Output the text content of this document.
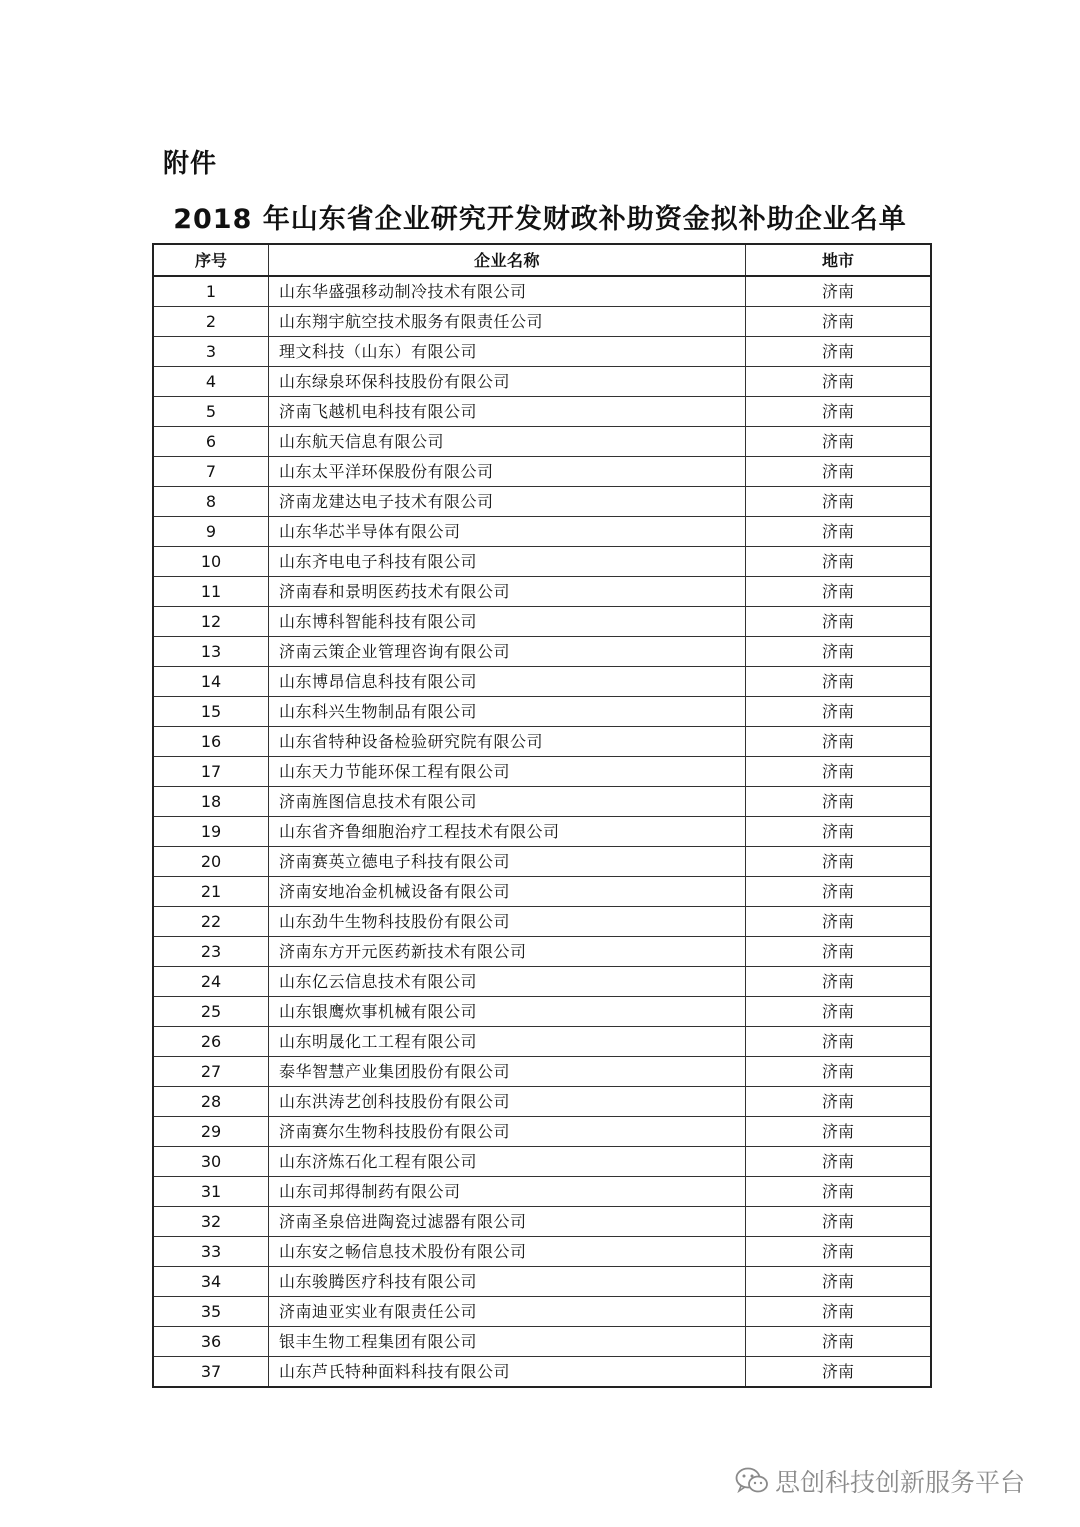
附件
2018 年山东省企业研究开发财政补助资金拟补助企业名单
序号	企业名称	地市
1	山东华盛强移动制冷技术有限公司	济南
2	山东翔宇航空技术服务有限责任公司	济南
3	理文科技（山东）有限公司	济南
4	山东绿泉环保科技股份有限公司	济南
5	济南飞越机电科技有限公司	济南
6	山东航天信息有限公司	济南
7	山东太平洋环保股份有限公司	济南
8	济南龙建达电子技术有限公司	济南
9	山东华芯半导体有限公司	济南
10	山东齐电电子科技有限公司	济南
11	济南春和景明医药技术有限公司	济南
12	山东博科智能科技有限公司	济南
13	济南云策企业管理咨询有限公司	济南
14	山东博昂信息科技有限公司	济南
15	山东科兴生物制品有限公司	济南
16	山东省特种设备检验研究院有限公司	济南
17	山东天力节能环保工程有限公司	济南
18	济南旌图信息技术有限公司	济南
19	山东省齐鲁细胞治疗工程技术有限公司	济南
20	济南赛英立德电子科技有限公司	济南
21	济南安地冶金机械设备有限公司	济南
22	山东劲牛生物科技股份有限公司	济南
23	济南东方开元医药新技术有限公司	济南
24	山东亿云信息技术有限公司	济南
25	山东银鹰炊事机械有限公司	济南
26	山东明晟化工工程有限公司	济南
27	泰华智慧产业集团股份有限公司	济南
28	山东洪涛艺创科技股份有限公司	济南
29	济南赛尔生物科技股份有限公司	济南
30	山东济炼石化工程有限公司	济南
31	山东司邦得制药有限公司	济南
32	济南圣泉倍进陶瓷过滤器有限公司	济南
33	山东安之畅信息技术股份有限公司	济南
34	山东骏腾医疗科技有限公司	济南
35	济南迪亚实业有限责任公司	济南
36	银丰生物工程集团有限公司	济南
37	山东芦氏特种面料科技有限公司	济南
思创科技创新服务平台
